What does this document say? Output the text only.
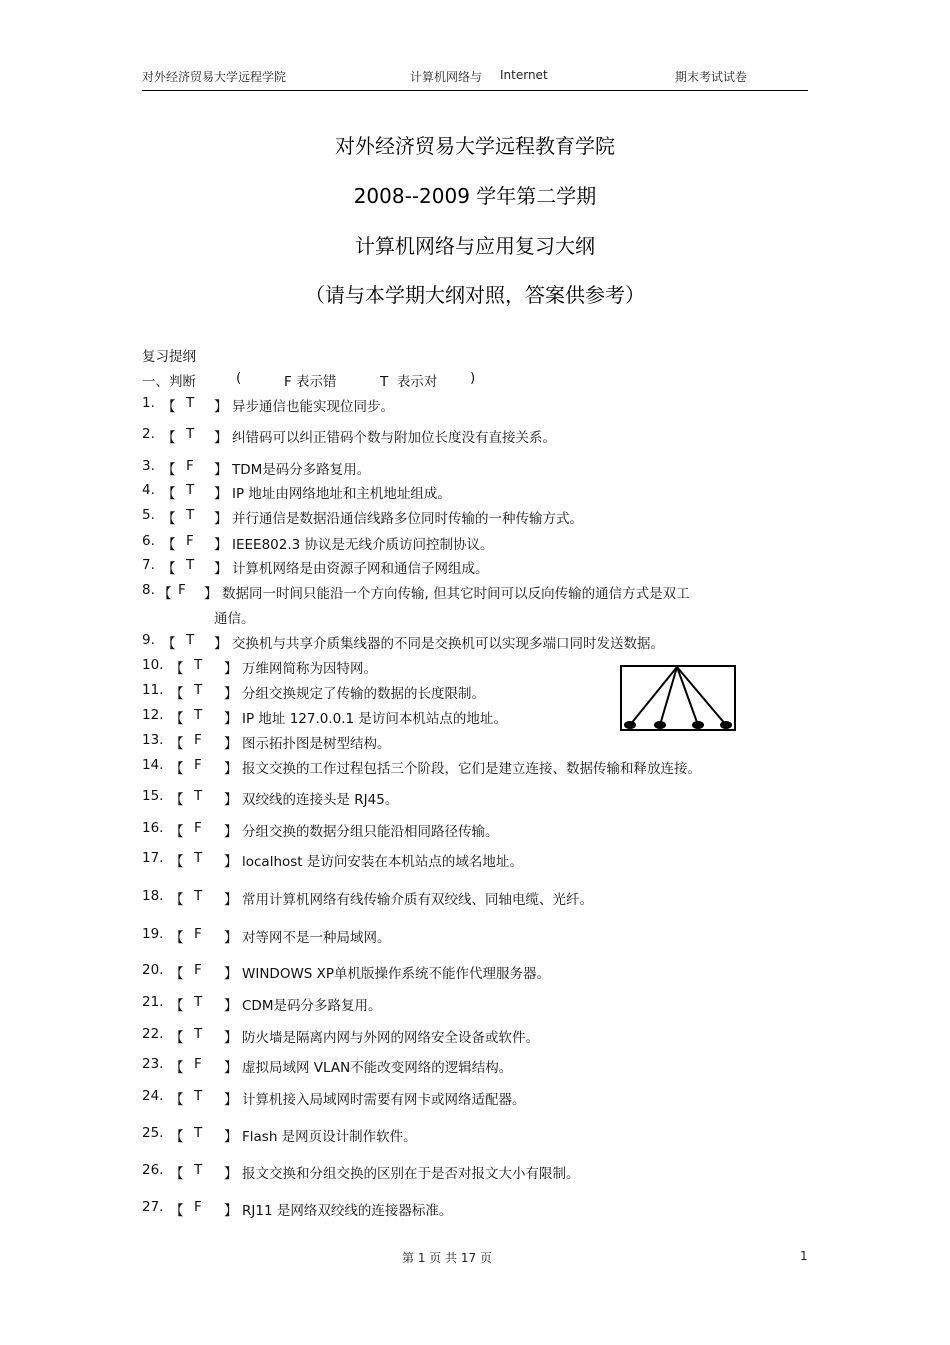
对外经济贸易大学远程学院	计算机网络与 Internet	期末考试试卷
对外经济贸易大学远程教育学院
2008--2009 学年第二学期
计算机网络与应用复习大纲
（请与本学期大纲对照，答案供参考）
复习提纲
一、判断	(	F 表示错	T  表示对 )
1. 【 T 】 异步通信也能实现位同步。
2. 【 T 】 纠错码可以纠正错码个数与附加位长度没有直接关系。
3. 【 F 】 TDM是码分多路复用。
4. 【 T 】 IP 地址由网络地址和主机地址组成。
5. 【 T 】 并行通信是数据沿通信线路多位同时传输的一种传输方式。
6. 【 F 】 IEEE802.3 协议是无线介质访问控制协议。
7. 【 T 】 计算机网络是由资源子网和通信子网组成。
8. 【 F 】 数据同一时间只能沿一个方向传输, 但其它时间可以反向传输的通信方式是双工
通信。
9. 【 T 】 交换机与共享介质集线器的不同是交换机可以实现多端口同时发送数据。
10. 【 T 】 万维网简称为因特网。
11. 【 T 】 分组交换规定了传输的数据的长度限制。
12. 【 T 】 IP 地址 127.0.0.1 是访问本机站点的地址。
13. 【 F 】 图示拓扑图是树型结构。
14. 【 F 】 报文交换的工作过程包括三个阶段，它们是建立连接、数据传输和释放连接。
15. 【 T 】 双绞线的连接头是 RJ45。
16. 【 F 】 分组交换的数据分组只能沿相同路径传输。
17. 【 T 】 localhost 是访问安装在本机站点的域名地址。
18. 【 T 】 常用计算机网络有线传输介质有双绞线、同轴电缆、光纤。
19. 【 F 】 对等网不是一种局域网。
20. 【 F 】 WINDOWS XP单机版操作系统不能作代理服务器。
21. 【 T 】 CDM是码分多路复用。
22. 【 T 】 防火墙是隔离内网与外网的网络安全设备或软件。
23. 【 F 】 虚拟局域网 VLAN不能改变网络的逻辑结构。
24. 【 T 】 计算机接入局域网时需要有网卡或网络适配器。
25. 【 T 】 Flash 是网页设计制作软件。
26. 【 T 】 报文交换和分组交换的区别在于是否对报文大小有限制。
27. 【 F 】 RJ11 是网络双绞线的连接器标准。
第 1 页 共 17 页	1
